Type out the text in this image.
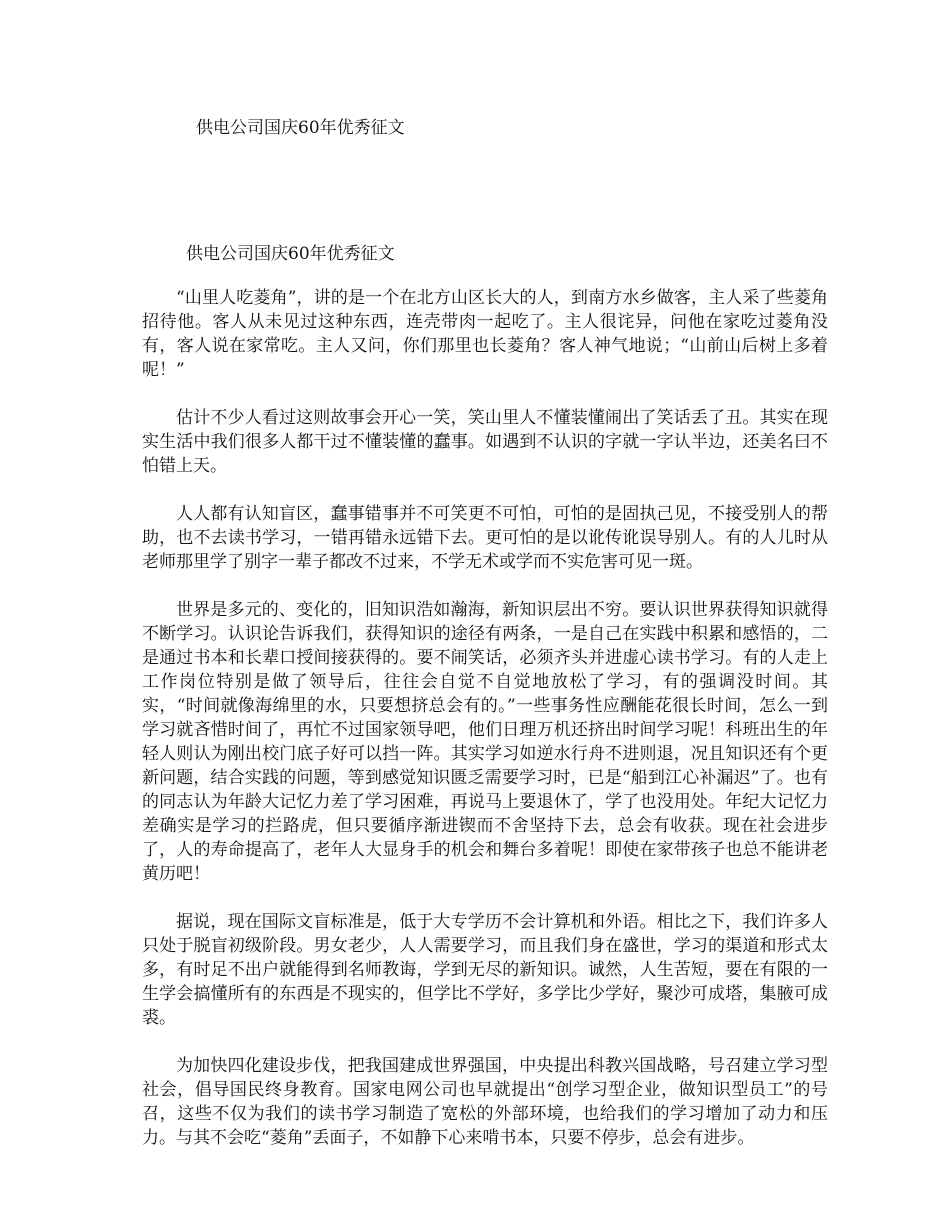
供电公司国庆60年优秀征文
供电公司国庆60年优秀征文

“山里人吃菱角”，讲的是一个在北方山区长大的人，到南方水乡做客，主人采了些菱角招待他。客人从未见过这种东西，连壳带肉一起吃了。主人很诧异，问他在家吃过菱角没有，客人说在家常吃。主人又问，你们那里也长菱角？客人神气地说；“山前山后树上多着呢！”

估计不少人看过这则故事会开心一笑，笑山里人不懂装懂闹出了笑话丢了丑。其实在现实生活中我们很多人都干过不懂装懂的蠢事。如遇到不认识的字就一字认半边，还美名曰不怕错上天。

人人都有认知盲区，蠢事错事并不可笑更不可怕，可怕的是固执己见，不接受别人的帮助，也不去读书学习，一错再错永远错下去。更可怕的是以讹传讹误导别人。有的人儿时从老师那里学了别字一辈子都改不过来，不学无术或学而不实危害可见一斑。

世界是多元的、变化的，旧知识浩如瀚海，新知识层出不穷。要认识世界获得知识就得不断学习。认识论告诉我们，获得知识的途径有两条，一是自己在实践中积累和感悟的，二是通过书本和长辈口授间接获得的。要不闹笑话，必须齐头并进虚心读书学习。有的人走上工作岗位特别是做了领导后，往往会自觉不自觉地放松了学习，有的强调没时间。其实，“时间就像海绵里的水，只要想挤总会有的。”一些事务性应酬能花很长时间，怎么一到学习就吝惜时间了，再忙不过国家领导吧，他们日理万机还挤出时间学习呢！科班出生的年轻人则认为刚出校门底子好可以挡一阵。其实学习如逆水行舟不进则退，况且知识还有个更新问题，结合实践的问题，等到感觉知识匮乏需要学习时，已是“船到江心补漏迟”了。也有的同志认为年龄大记忆力差了学习困难，再说马上要退休了，学了也没用处。年纪大记忆力差确实是学习的拦路虎，但只要循序渐进锲而不舍坚持下去，总会有收获。现在社会进步了，人的寿命提高了，老年人大显身手的机会和舞台多着呢！即使在家带孩子也总不能讲老黄历吧！

据说，现在国际文盲标准是，低于大专学历不会计算机和外语。相比之下，我们许多人只处于脱盲初级阶段。男女老少，人人需要学习，而且我们身在盛世，学习的渠道和形式太多，有时足不出户就能得到名师教诲，学到无尽的新知识。诚然，人生苦短，要在有限的一生学会搞懂所有的东西是不现实的，但学比不学好，多学比少学好，聚沙可成塔，集腋可成裘。

为加快四化建设步伐，把我国建成世界强国，中央提出科教兴国战略，号召建立学习型社会，倡导国民终身教育。国家电网公司也早就提出“创学习型企业，做知识型员工”的号召，这些不仅为我们的读书学习制造了宽松的外部环境，也给我们的学习增加了动力和压力。与其不会吃“菱角”丢面子，不如静下心来啃书本，只要不停步，总会有进步。
